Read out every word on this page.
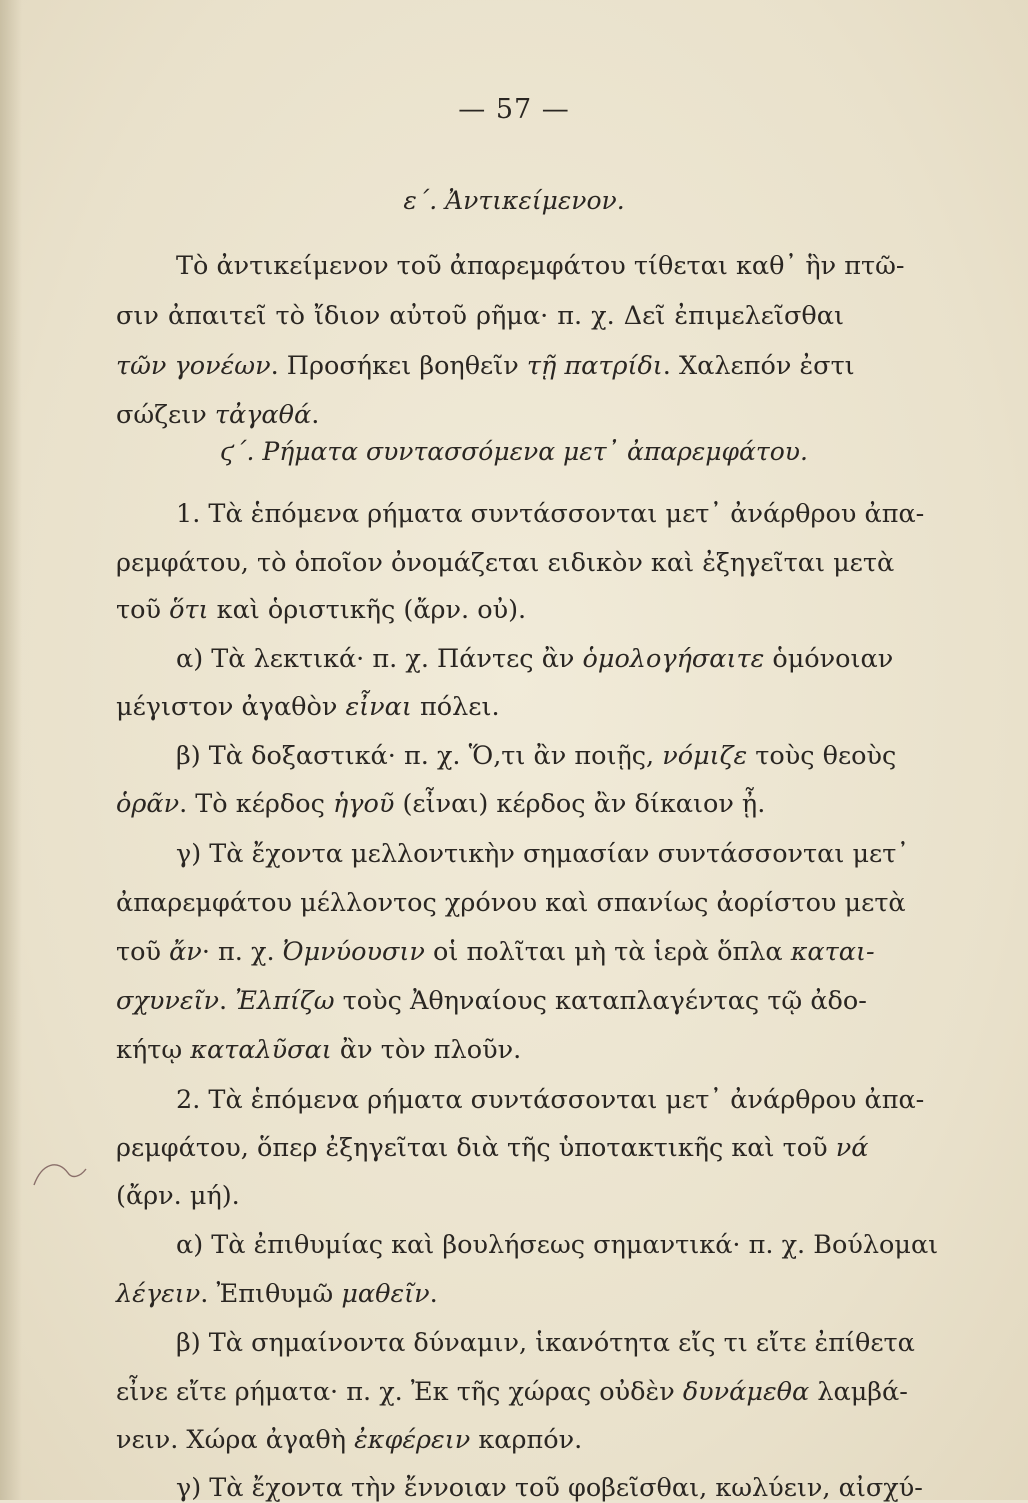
— 57 —
ε΄. Ἀντικείμενον.
Τὸ ἀντικείμενον τοῦ ἀπαρεμφάτου τίθεται καθ᾽ ἣν πτῶ-
σιν ἀπαιτεῖ τὸ ἴδιον αὐτοῦ ρῆμα· π. χ. Δεῖ ἐπιμελεῖσθαι
τῶν γονέων. Προσήκει βοηθεῖν τῇ πατρίδι. Χαλεπόν ἐστι
σώζειν τἀγαθά.
ϛ΄. Ρήματα συντασσόμενα μετ᾽ ἀπαρεμφάτου.
1. Τὰ ἑπόμενα ρήματα συντάσσονται μετ᾽ ἀνάρθρου ἀπα-
ρεμφάτου, τὸ ὁποῖον ὀνομάζεται ειδικὸν καὶ ἐξηγεῖται μετὰ
τοῦ ὅτι καὶ ὁριστικῆς (ἄρν. οὐ).
α) Τὰ λεκτικά· π. χ. Πάντες ἂν ὁμολογήσαιτε ὁμόνοιαν
μέγιστον ἀγαθὸν εἶναι πόλει.
β) Τὰ δοξαστικά· π. χ. Ὅ,τι ἂν ποιῇς, νόμιζε τοὺς θεοὺς
ὁρᾶν. Τὸ κέρδος ἡγοῦ (εἶναι) κέρδος ἂν δίκαιον ᾖ.
γ) Τὰ ἔχοντα μελλοντικὴν σημασίαν συντάσσονται μετ᾽
ἀπαρεμφάτου μέλλοντος χρόνου καὶ σπανίως ἀορίστου μετὰ
τοῦ ἄν· π. χ. Ὀμνύουσιν οἱ πολῖται μὴ τὰ ἱερὰ ὅπλα καται-
σχυνεῖν. Ἐλπίζω τοὺς Ἀθηναίους καταπλαγέντας τῷ ἀδο-
κήτῳ καταλῦσαι ἂν τὸν πλοῦν.
2. Τὰ ἑπόμενα ρήματα συντάσσονται μετ᾽ ἀνάρθρου ἀπα-
ρεμφάτου, ὅπερ ἐξηγεῖται διὰ τῆς ὑποτακτικῆς καὶ τοῦ νά
(ἄρν. μή).
α) Τὰ ἐπιθυμίας καὶ βουλήσεως σημαντικά· π. χ. Βούλομαι
λέγειν. Ἐπιθυμῶ μαθεῖν.
β) Τὰ σημαίνοντα δύναμιν, ἱκανότητα εἴς τι εἴτε ἐπίθετα
εἶνε εἴτε ρήματα· π. χ. Ἐκ τῆς χώρας οὐδὲν δυνάμεθα λαμβά-
νειν. Χώρα ἀγαθὴ ἐκφέρειν καρπόν.
γ) Τὰ ἔχοντα τὴν ἔννοιαν τοῦ φοβεῖσθαι, κωλύειν, αἰσχύ-
